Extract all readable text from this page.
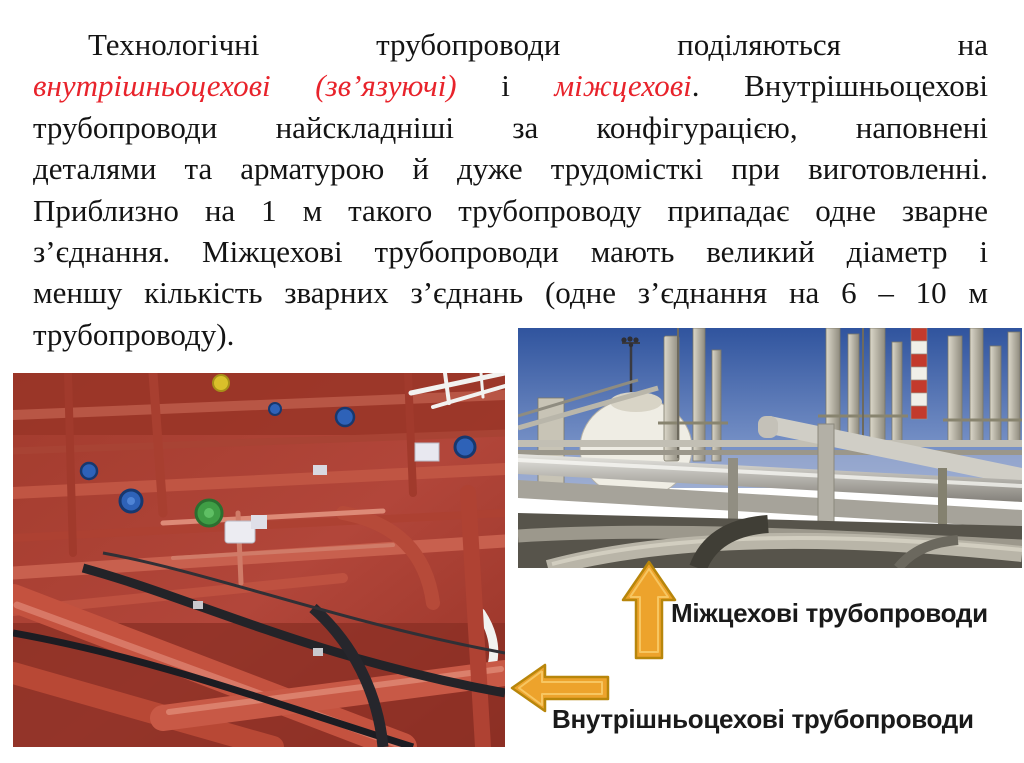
Технологічні трубопроводи поділяються на
внутрішньоцехові (зв’язуючі) і міжцехові. Внутрішньоцехові
трубопроводи найскладніші за конфігурацією, наповнені
деталями та арматурою й дуже трудомісткі при виготовленні.
Приблизно на 1 м такого трубопроводу припадає одне зварне
з’єднання. Міжцехові трубопроводи мають великий діаметр і
меншу кількість зварних з’єднань (одне з’єднання на 6 – 10 м
трубопроводу).
Міжцехові трубопроводи
Внутрішньоцехові трубопроводи
